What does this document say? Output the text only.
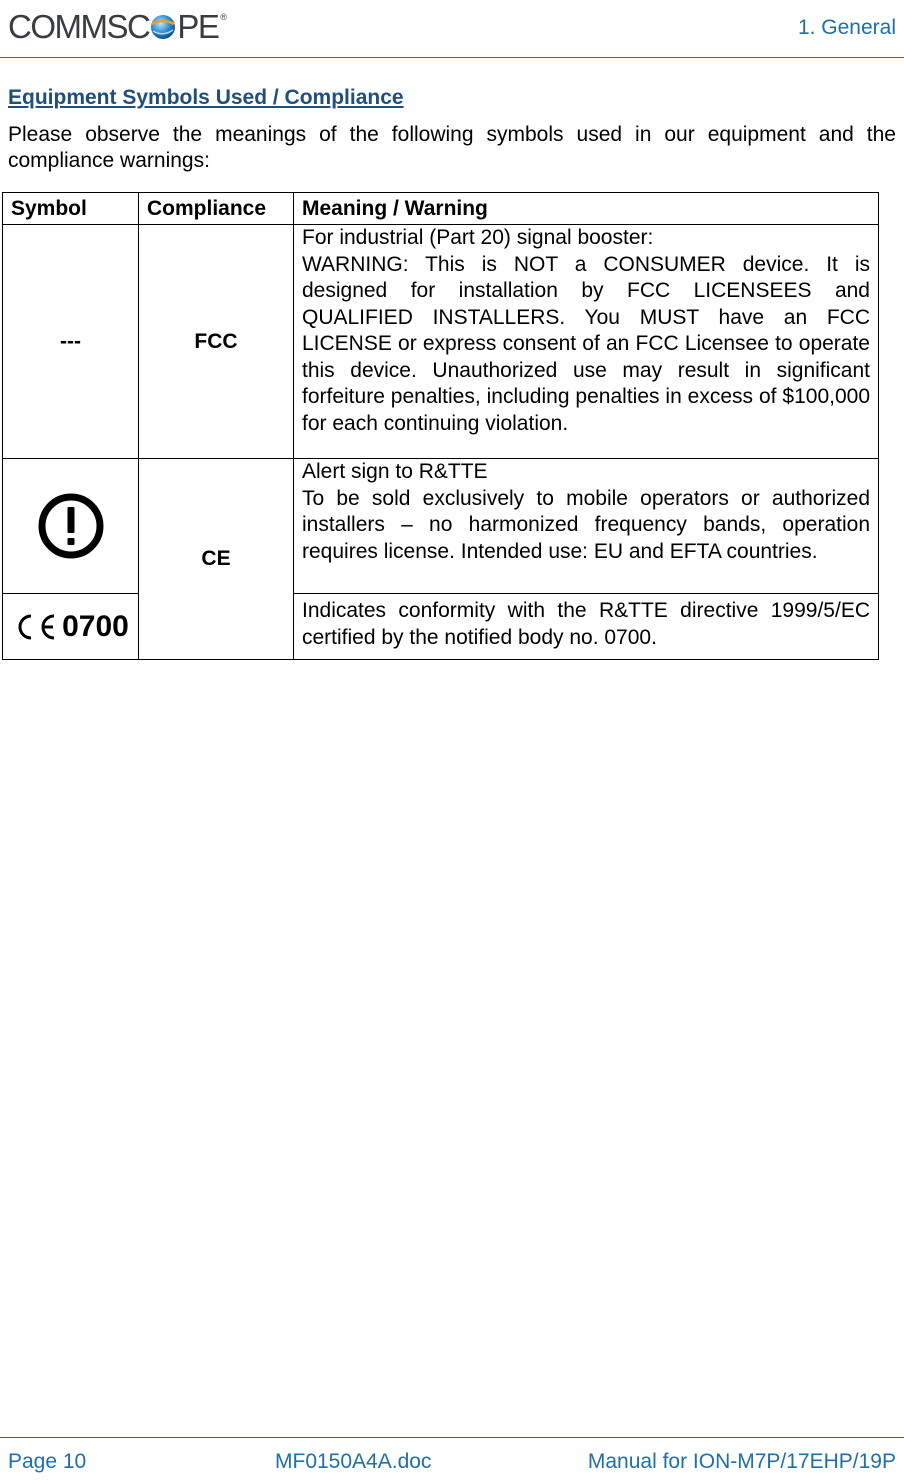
COMMSC PE ®	1. General
Equipment Symbols Used / Compliance

Please observe the meanings of the following symbols used in our equipment and the compliance warnings:

Symbol	Compliance	Meaning / Warning
---	FCC	For industrial (Part 20) signal booster:

WARNING: This is NOT a CONSUMER device. It is designed for installation by FCC LICENSEES and QUALIFIED INSTALLERS. You MUST have an FCC LICENSE or express consent of an FCC Licensee to operate this device. Unauthorized use may result in significant forfeiture penalties, including penalties in excess of $100,000 for each continuing violation.

	CE	Alert sign to R&TTE

To be sold exclusively to mobile operators or authorized installers – no harmonized frequency bands, operation requires license. Intended use: EU and EFTA countries.

0700		Indicates conformity with the R&TTE directive 1999/5/EC certified by the notified body no. 0700.

Page 10	MF0150A4A.doc	Manual for ION-M7P/17EHP/19P
